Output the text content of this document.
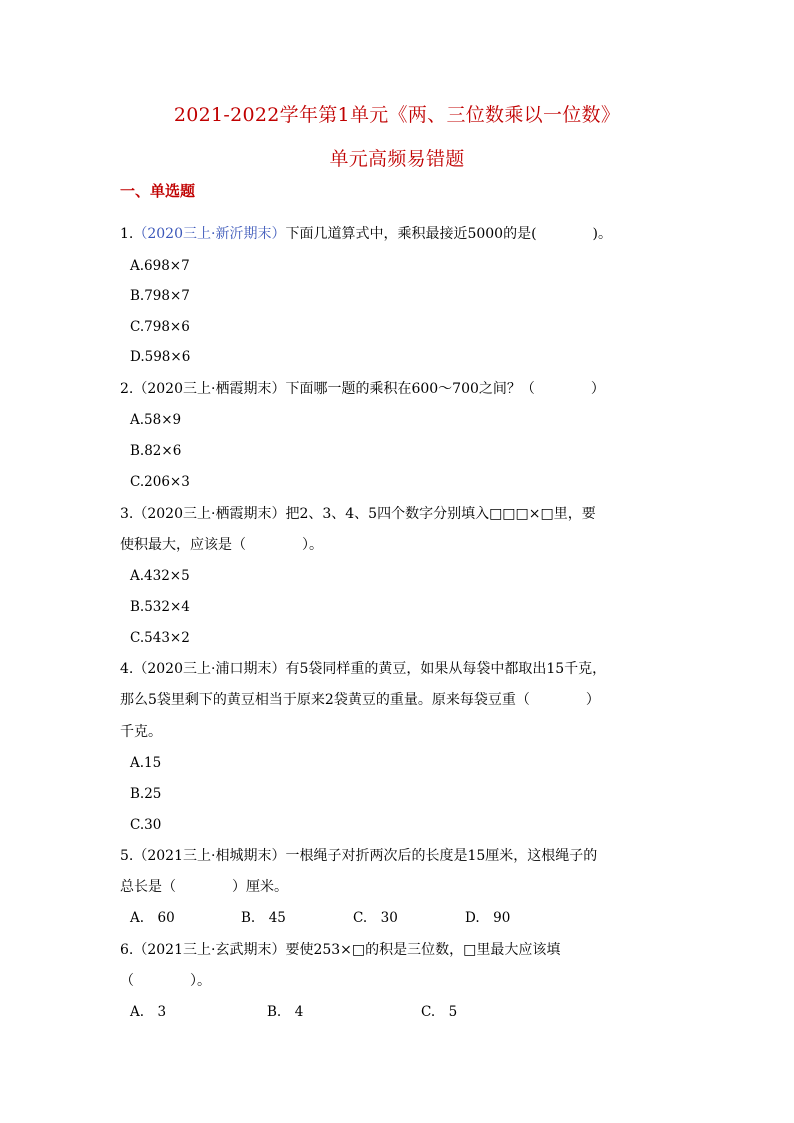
2021-2022学年第1单元《两、三位数乘以一位数》
单元高频易错题
一、单选题
1.（2020三上·新沂期末）下面几道算式中，乘积最接近5000的是(　　　　)。
A.698×7
B.798×7
C.798×6
D.598×6
2.（2020三上·栖霞期末）下面哪一题的乘积在600～700之间？（　　　　）
A.58×9
B.82×6
C.206×3
3.（2020三上·栖霞期末）把2、3、4、5四个数字分别填入□□□×□里，要
使积最大，应该是（　　　　）。
A.432×5
B.532×4
C.543×2
4.（2020三上·浦口期末）有5袋同样重的黄豆，如果从每袋中都取出15千克，
那么5袋里剩下的黄豆相当于原来2袋黄豆的重量。原来每袋豆重（　　　　）
千克。
A.15
B.25
C.30
5.（2021三上·相城期末）一根绳子对折两次后的长度是15厘米，这根绳子的
总长是（　　　　）厘米。
A.　60	B.　45	C.　30	D.　90
6.（2021三上·玄武期末）要使253×□的积是三位数，□里最大应该填
（　　　　）。
A.　3	B.　4	C.　5
